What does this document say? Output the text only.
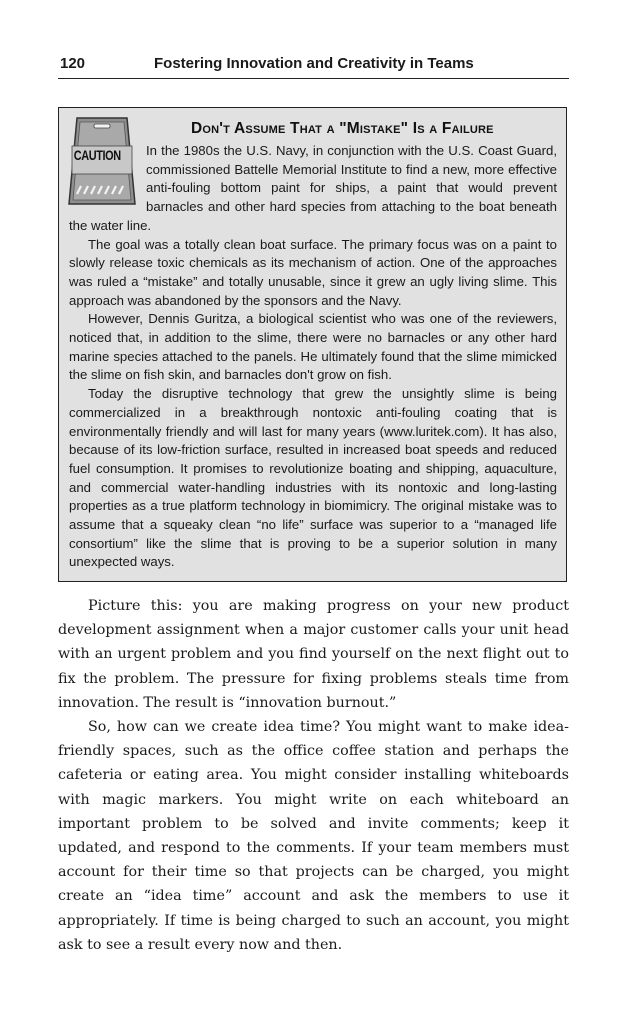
120	Fostering Innovation and Creativity in Teams
CAUTION
Don't Assume That a "Mistake" Is a Failure

In the 1980s the U.S. Navy, in conjunction with the U.S. Coast Guard, commissioned Battelle Memorial Institute to find a new, more effective anti-fouling bottom paint for ships, a paint that would prevent barnacles and other hard species from attaching to the boat beneath the water line.

The goal was a totally clean boat surface. The primary focus was on a paint to slowly release toxic chemicals as its mechanism of action. One of the approaches was ruled a “mistake” and totally unusable, since it grew an ugly living slime. This approach was abandoned by the sponsors and the Navy.

However, Dennis Guritza, a biological scientist who was one of the reviewers, noticed that, in addition to the slime, there were no barnacles or any other hard marine species attached to the panels. He ultimately found that the slime mimicked the slime on fish skin, and barnacles don't grow on fish.

Today the disruptive technology that grew the unsightly slime is being commercialized in a breakthrough nontoxic anti-fouling coating that is environmentally friendly and will last for many years (www.luritek.com). It has also, because of its low-friction surface, resulted in increased boat speeds and reduced fuel consumption. It promises to revolutionize boating and shipping, aquaculture, and commercial water-handling industries with its nontoxic and long-lasting properties as a true platform technology in biomimicry. The original mistake was to assume that a squeaky clean “no life” surface was superior to a “managed life consortium” like the slime that is proving to be a superior solution in many unexpected ways.

Picture this: you are making progress on your new product development assignment when a major customer calls your unit head with an urgent problem and you find yourself on the next flight out to fix the problem. The pressure for fixing problems steals time from innovation. The result is “innovation burnout.”

So, how can we create idea time? You might want to make idea-friendly spaces, such as the office coffee station and perhaps the cafeteria or eating area. You might consider installing whiteboards with magic markers. You might write on each whiteboard an important problem to be solved and invite comments; keep it updated, and respond to the comments. If your team members must account for their time so that projects can be charged, you might create an “idea time” account and ask the members to use it appropriately. If time is being charged to such an account, you might ask to see a result every now and then.
